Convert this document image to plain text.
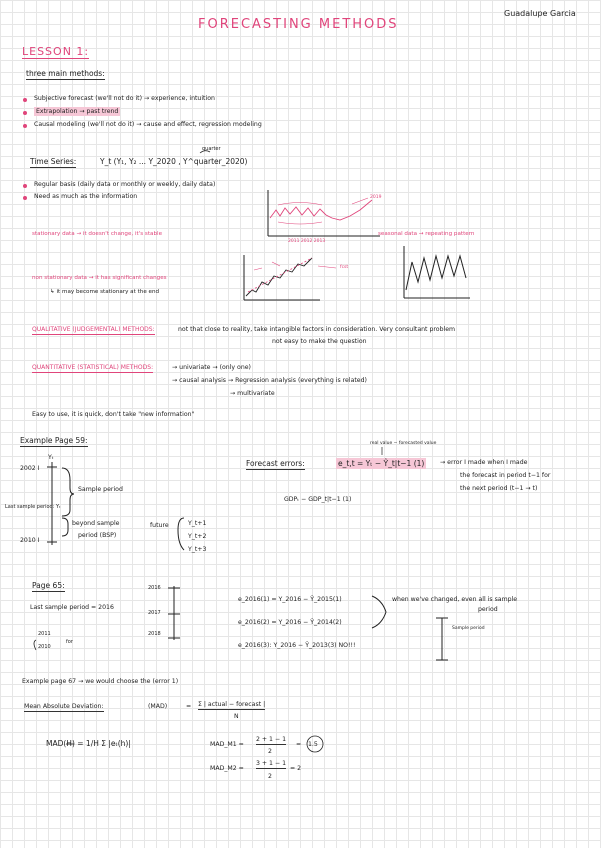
FORECASTING METHODS
Guadalupe Garcia
LESSON 1:
three main methods:
Subjective forecast (we'll not do it) → experience, intuition
Extrapolation → past trend
Causal modeling (we'll not do it) → cause and effect, regression modeling
Time Series:	Y_t (Y₁, Y₂ ... Y_2020 , Y^quarter_2020)
quarter
Regular basis (daily data or monthly or weekly, daily data)
Need as much as the information
stationary data → it doesn't change, it's stable	seasonal data → repeating pattern
non stationary data → it has significant changes
↳ it may become stationary at the end
2011 2012 2013
2019
fcst
QUALITATIVE (JUDGEMENTAL) METHODS:	not that close to reality, take intangible factors in consideration. Very consultant problem
not easy to make the question
QUANTITATIVE (STATISTICAL) METHODS:	→ univariate → (only one)
→ causal analysis → Regression analysis (everything is related)
→ multivariate
Easy to use, it is quick, don't take "new information"
Example Page 59:
Yₜ
2002 I
2010 I
Last sample period: Yₜ
Sample period
beyond sample
period (BSP)
future	Y_t+1
Y_t+2
Y_t+3
Forecast errors:
real value − forecasted value
e_t,t = Yₜ − Ŷ_t|t−1 (1)	→ error I made when I made
the forecast in period t−1 for
the next period (t−1 → t)
GDPₜ − GDP_t|t−1 (1)
Page 65:
Last sample period = 2016
2011
2010
for
2016
2017
2018
e_2016(1) = Y_2016 − Ŷ_2015(1)
e_2016(2) = Y_2016 − Ŷ_2014(2)
e_2016(3): Y_2016 − Ŷ_2013(3) NO!!!
when we've changed, even all is sample
period
Sample period
Example page 67 → we would choose the (error 1)
Mean Absolute Deviation:	(MAD)	= Σ | actual − forecast |
N
MAD(H) = 1/H Σ |eₜ(h)|	MAD_M1 =
2 + 1 − 1
2
= 1.5
MAD_M2 =
3 + 1 − 1
2
= 2
